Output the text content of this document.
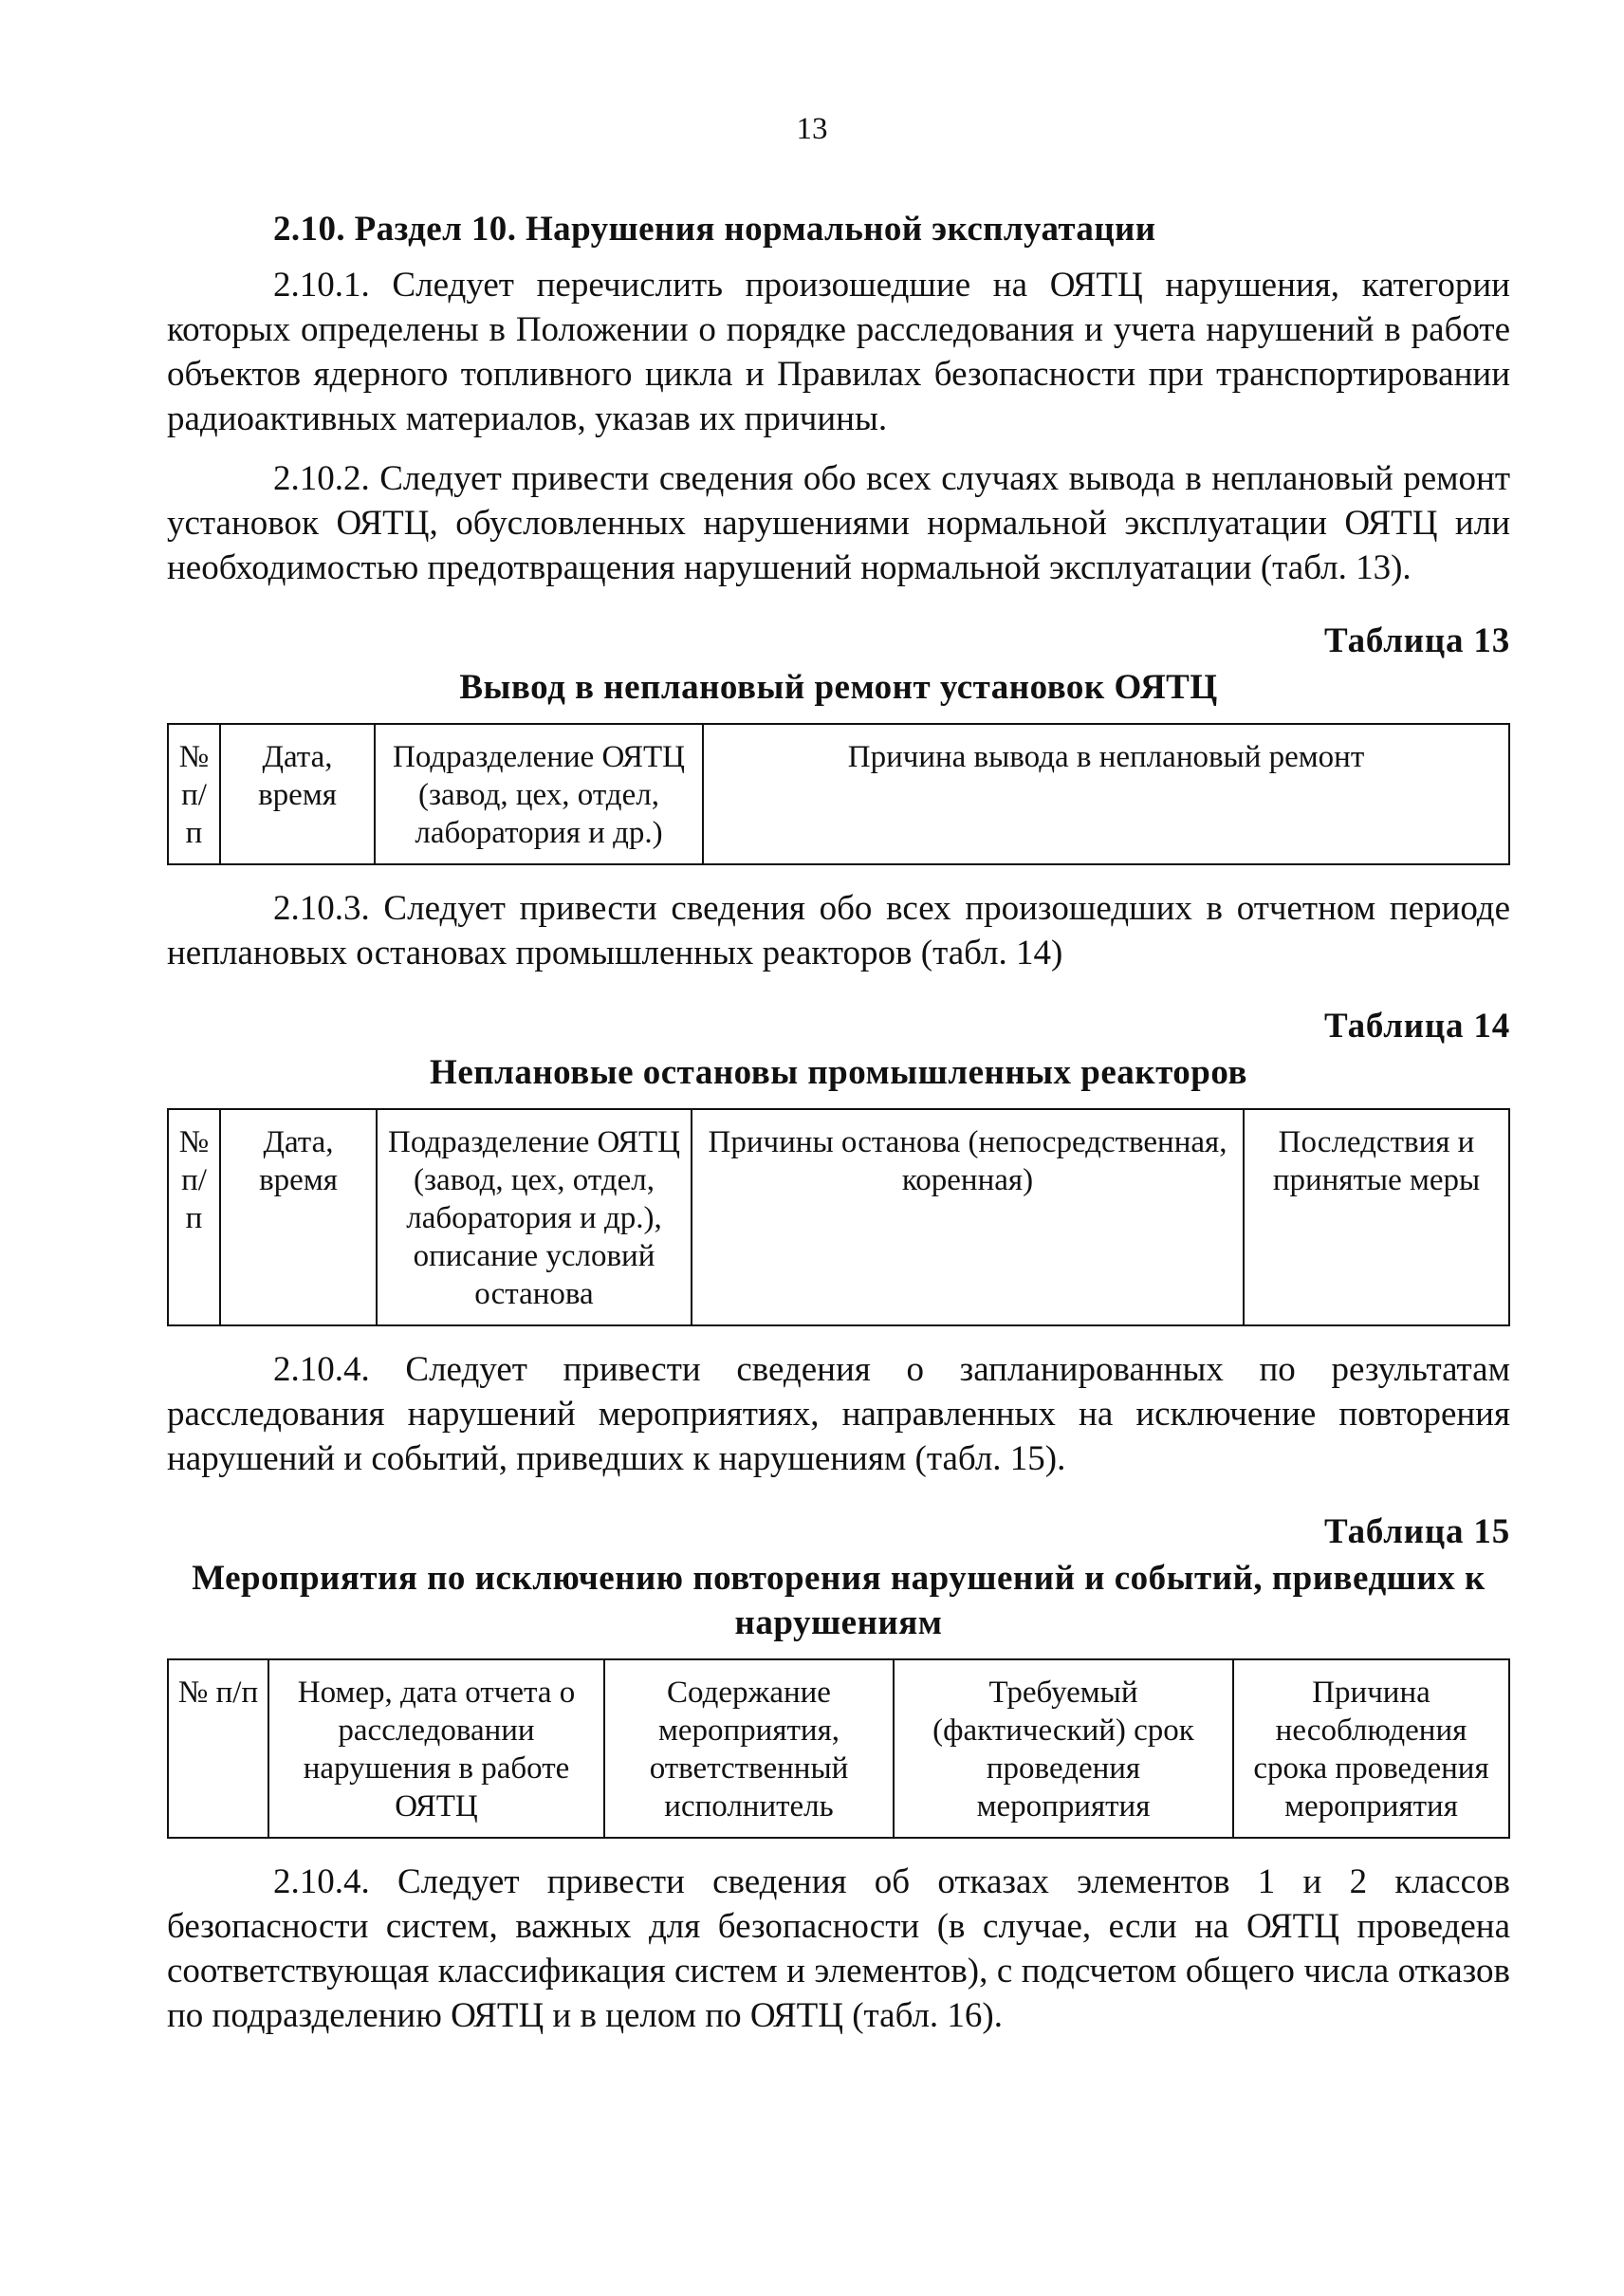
13
2.10. Раздел 10. Нарушения нормальной эксплуатации

2.10.1. Следует перечислить произошедшие на ОЯТЦ нарушения, категории которых определены в Положении о порядке расследования и учета нарушений в работе объектов ядерного топливного цикла и Правилах безопасности при транспортировании радиоактивных материалов, указав их причины.

2.10.2. Следует привести сведения обо всех случаях вывода в неплановый ремонт установок ОЯТЦ, обусловленных нарушениями нормальной эксплуатации ОЯТЦ или необходимостью предотвращения нарушений нормальной эксплуатации (табл. 13).

Таблица 13
Вывод в неплановый ремонт установок ОЯТЦ
№ п/п	Дата, время	Подразделение ОЯТЦ (завод, цех, отдел, лаборатория и др.)	Причина вывода в неплановый ремонт

2.10.3. Следует привести сведения обо всех произошедших в отчетном периоде неплановых остановах промышленных реакторов (табл. 14)

Таблица 14
Неплановые остановы промышленных реакторов
№ п/п	Дата, время	Подразделение ОЯТЦ (завод, цех, отдел, лаборатория и др.), описание условий останова	Причины останова (непосредственная, коренная)	Последствия и принятые меры

2.10.4. Следует привести сведения о запланированных по результатам расследования нарушений мероприятиях, направленных на исключение повторения нарушений и событий, приведших к нарушениям (табл. 15).

Таблица 15
Мероприятия по исключению повторения нарушений и событий, приведших к нарушениям
№ п/п	Номер, дата отчета о расследовании нарушения в работе ОЯТЦ	Содержание мероприятия, ответственный исполнитель	Требуемый (фактический) срок проведения мероприятия	Причина несоблюдения срока проведения мероприятия

2.10.4. Следует привести сведения об отказах элементов 1 и 2 классов безопасности систем, важных для безопасности (в случае, если на ОЯТЦ проведена соответствующая классификация систем и элементов), с подсчетом общего числа отказов по подразделению ОЯТЦ и в целом по ОЯТЦ (табл. 16).
